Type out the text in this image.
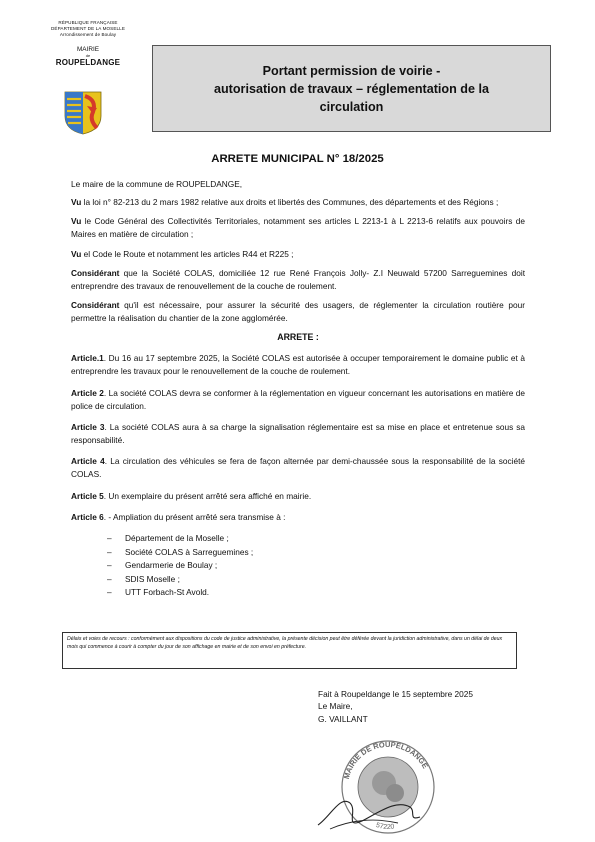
RÉPUBLIQUE FRANÇAISE
DÉPARTEMENT DE LA MOSELLE
Arrondissement de Boulay
MAIRIE
de
ROUPELDANGE
Portant permission de voirie -
autorisation de travaux – réglementation de la
circulation
ARRETE MUNICIPAL N° 18/2025

Le maire de la commune de ROUPELDANGE,

Vu la loi n° 82-213 du 2 mars 1982 relative aux droits et libertés des Communes, des départements et des Régions ;

Vu le Code Général des Collectivités Territoriales, notamment ses articles L 2213-1 à L 2213-6 relatifs aux pouvoirs de Maires en matière de circulation ;

Vu el Code le Route et notamment les articles R44 et R225 ;

Considérant que la Société COLAS, domiciliée 12 rue René François Jolly- Z.I Neuwald 57200 Sarreguemines doit entreprendre des travaux de renouvellement de la couche de roulement.

Considérant qu'il est nécessaire, pour assurer la sécurité des usagers, de réglementer la circulation routière pour permettre la réalisation du chantier de la zone agglomérée.

ARRETE :

Article.1. Du 16 au 17 septembre 2025, la Société COLAS est autorisée à occuper temporairement le domaine public et à entreprendre les travaux pour le renouvellement de la couche de roulement.

Article 2. La société COLAS devra se conformer à la réglementation en vigueur concernant les autorisations en matière de police de circulation.

Article 3. La société COLAS aura à sa charge la signalisation réglementaire est sa mise en place et entretenue sous sa responsabilité.

Article 4. La circulation des véhicules se fera de façon alternée par demi-chaussée sous la responsabilité de la société COLAS.

Article 5. Un exemplaire du présent arrêté sera affiché en mairie.

Article 6. - Ampliation du présent arrêté sera transmise à :

–	Département de la Moselle ;
–	Société COLAS à Sarreguemines ;
–	Gendarmerie de Boulay ;
–	SDIS Moselle ;
–	UTT Forbach-St Avold.
Délais et voies de recours : conformément aux dispositions du code de justice administrative, la présente décision peut être déférée devant la juridiction administrative, dans un délai de deux mois qui commence à courir à compter du jour de son affichage en mairie et de son envoi en préfecture.
Fait à Roupeldange le 15 septembre 2025
Le Maire,
G. VAILLANT
MAIRIE DE ROUPELDANGE
57220
